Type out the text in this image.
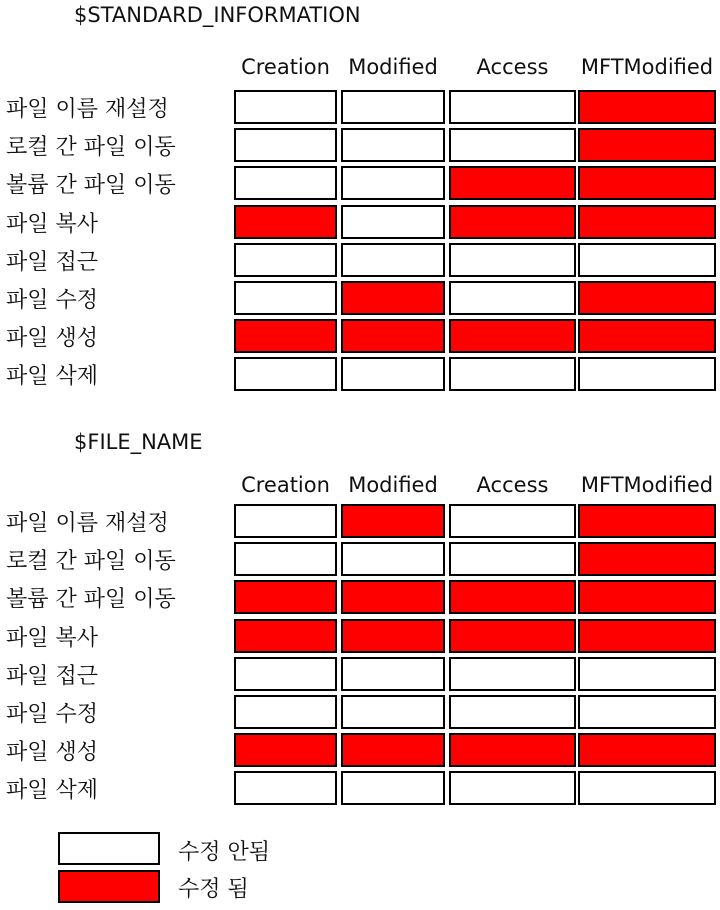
$STANDARD_INFORMATION
Creation Modified Access MFTModified
파일 이름 재설정
로컬 간 파일 이동
볼륨 간 파일 이동
파일 복사
파일 접근
파일 수정
파일 생성
파일 삭제
$FILE_NAME
Creation Modified Access MFTModified
파일 이름 재설정
로컬 간 파일 이동
볼륨 간 파일 이동
파일 복사
파일 접근
파일 수정
파일 생성
파일 삭제
수정 안됨
수정 됨
